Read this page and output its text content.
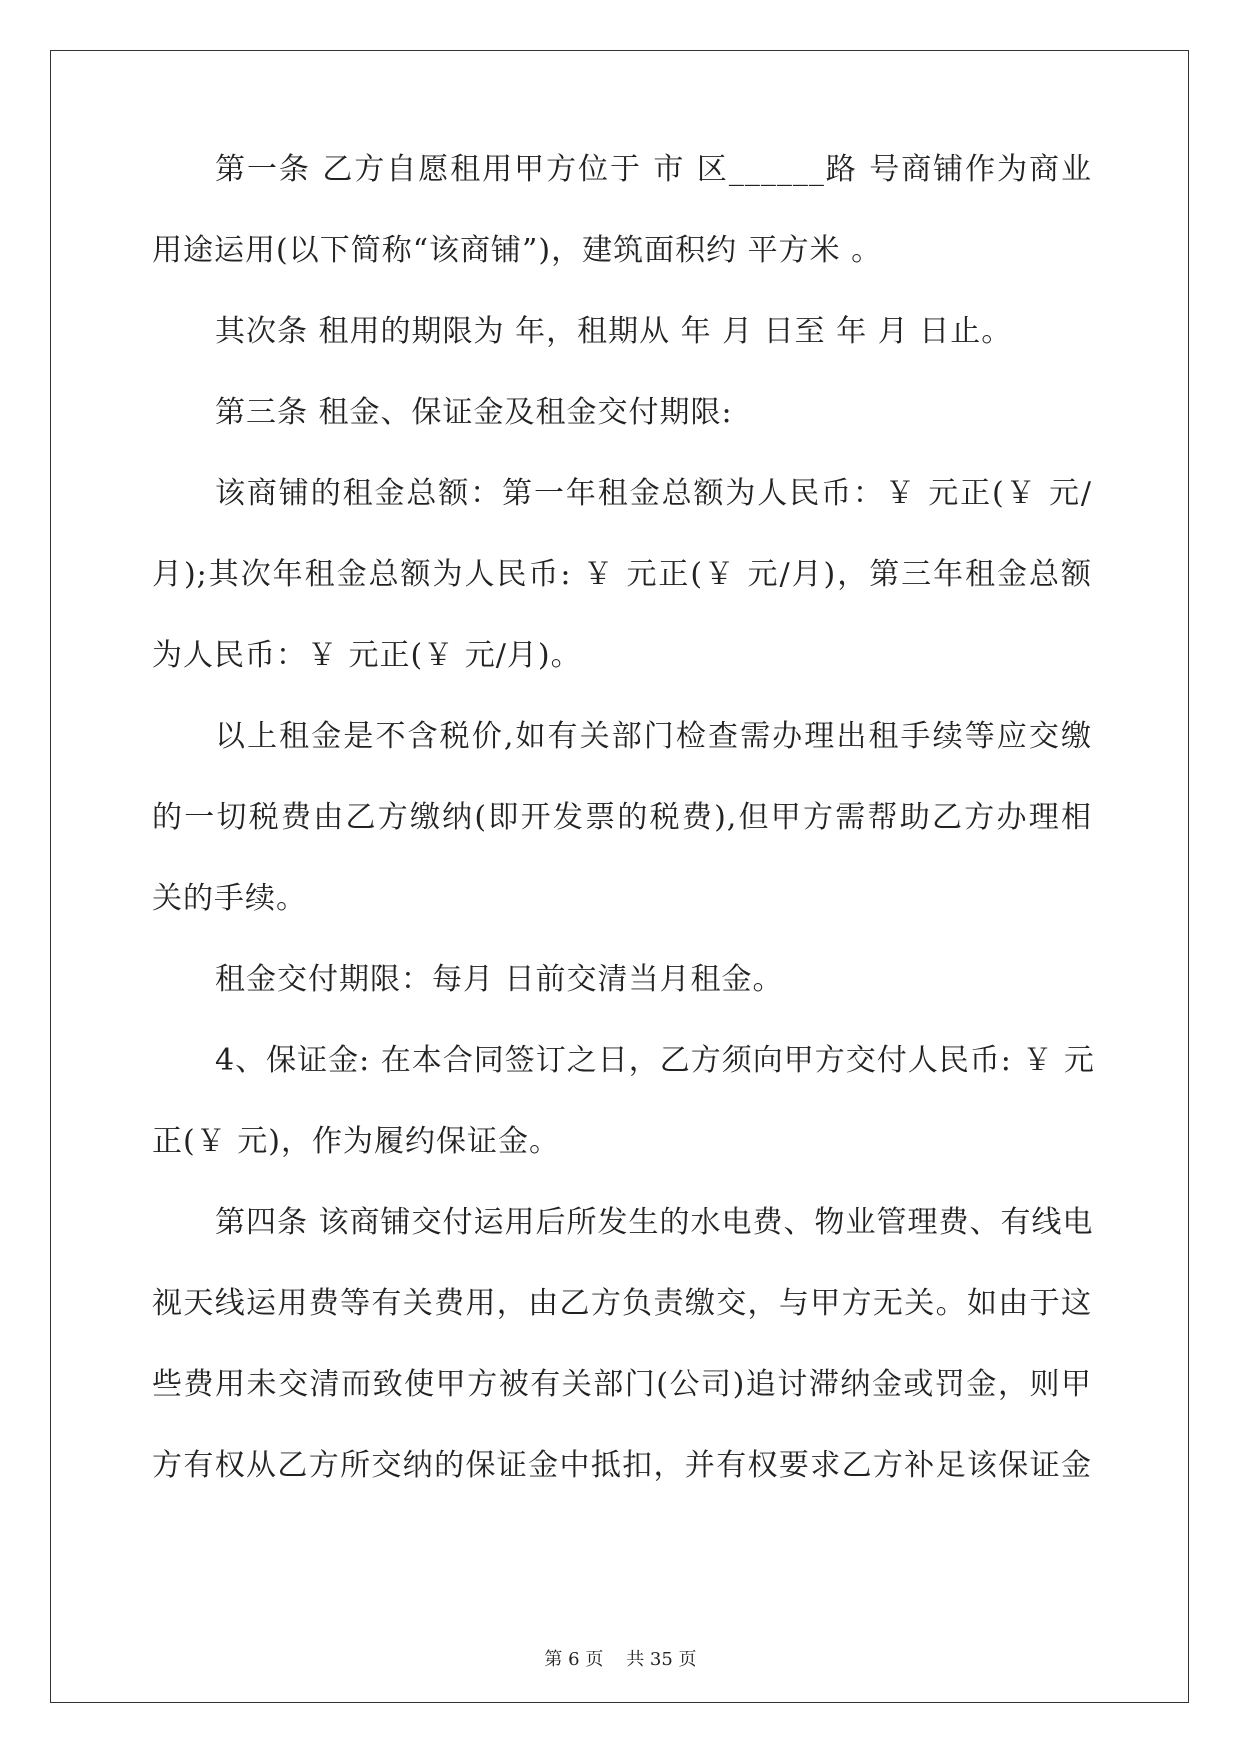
第一条 乙方自愿租用甲方位于 市 区______路 号商铺作为商业
用途运用(以下简称“该商铺”)，建筑面积约 平方米 。
其次条 租用的期限为 年，租期从 年 月 日至 年 月 日止。
第三条 租金、保证金及租金交付期限:
该商铺的租金总额：第一年租金总额为人民币：￥ 元正(￥ 元/
月);其次年租金总额为人民币: ￥ 元正(￥ 元/月)，第三年租金总额
为人民币：￥ 元正(￥ 元/月)。
以上租金是不含税价,如有关部门检查需办理出租手续等应交缴
的一切税费由乙方缴纳(即开发票的税费),但甲方需帮助乙方办理相
关的手续。
租金交付期限：每月 日前交清当月租金。
4、保证金: 在本合同签订之日，乙方须向甲方交付人民币: ￥ 元
正(￥ 元)，作为履约保证金。
第四条 该商铺交付运用后所发生的水电费、物业管理费、有线电
视天线运用费等有关费用，由乙方负责缴交，与甲方无关。如由于这
些费用未交清而致使甲方被有关部门(公司)追讨滞纳金或罚金，则甲
方有权从乙方所交纳的保证金中抵扣，并有权要求乙方补足该保证金
第 6 页    共 35 页
